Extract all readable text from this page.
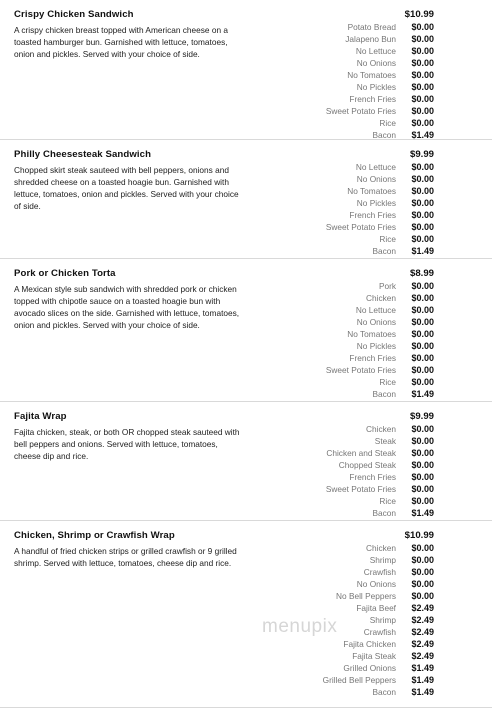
Crispy Chicken Sandwich
A crispy chicken breast topped with American cheese on a toasted hamburger bun. Garnished with lettuce, tomatoes, onion and pickles. Served with your choice of side.
$10.99
Potato Bread	$0.00
Jalapeno Bun	$0.00
No Lettuce	$0.00
No Onions	$0.00
No Tomatoes	$0.00
No Pickles	$0.00
French Fries	$0.00
Sweet Potato Fries	$0.00
Rice	$0.00
Bacon	$1.49
Philly Cheesesteak Sandwich
Chopped skirt steak sauteed with bell peppers, onions and shredded cheese on a toasted hoagie bun. Garnished with lettuce, tomatoes, onion and pickles. Served with your choice of side.
$9.99
No Lettuce	$0.00
No Onions	$0.00
No Tomatoes	$0.00
No Pickles	$0.00
French Fries	$0.00
Sweet Potato Fries	$0.00
Rice	$0.00
Bacon	$1.49
Pork or Chicken Torta
A Mexican style sub sandwich with shredded pork or chicken topped with chipotle sauce on a toasted hoagie bun with avocado slices on the side. Garnished with lettuce, tomatoes, onion and pickles. Served with your choice of side.
$8.99
Pork	$0.00
Chicken	$0.00
No Lettuce	$0.00
No Onions	$0.00
No Tomatoes	$0.00
No Pickles	$0.00
French Fries	$0.00
Sweet Potato Fries	$0.00
Rice	$0.00
Bacon	$1.49
Fajita Wrap
Fajita chicken, steak, or both OR chopped steak sauteed with bell peppers and onions. Served with lettuce, tomatoes, cheese dip and rice.
$9.99
Chicken	$0.00
Steak	$0.00
Chicken and Steak	$0.00
Chopped Steak	$0.00
French Fries	$0.00
Sweet Potato Fries	$0.00
Rice	$0.00
Bacon	$1.49
Chicken, Shrimp or Crawfish Wrap
A handful of fried chicken strips or grilled crawfish or 9 grilled shrimp. Served with lettuce, tomatoes, cheese dip and rice.
$10.99
Chicken	$0.00
Shrimp	$0.00
Crawfish	$0.00
No Onions	$0.00
No Bell Peppers	$0.00
Fajita Beef	$2.49
Shrimp	$2.49
Crawfish	$2.49
Fajita Chicken	$2.49
Fajita Steak	$2.49
Grilled Onions	$1.49
Grilled Bell Peppers	$1.49
Bacon	$1.49
menupix
